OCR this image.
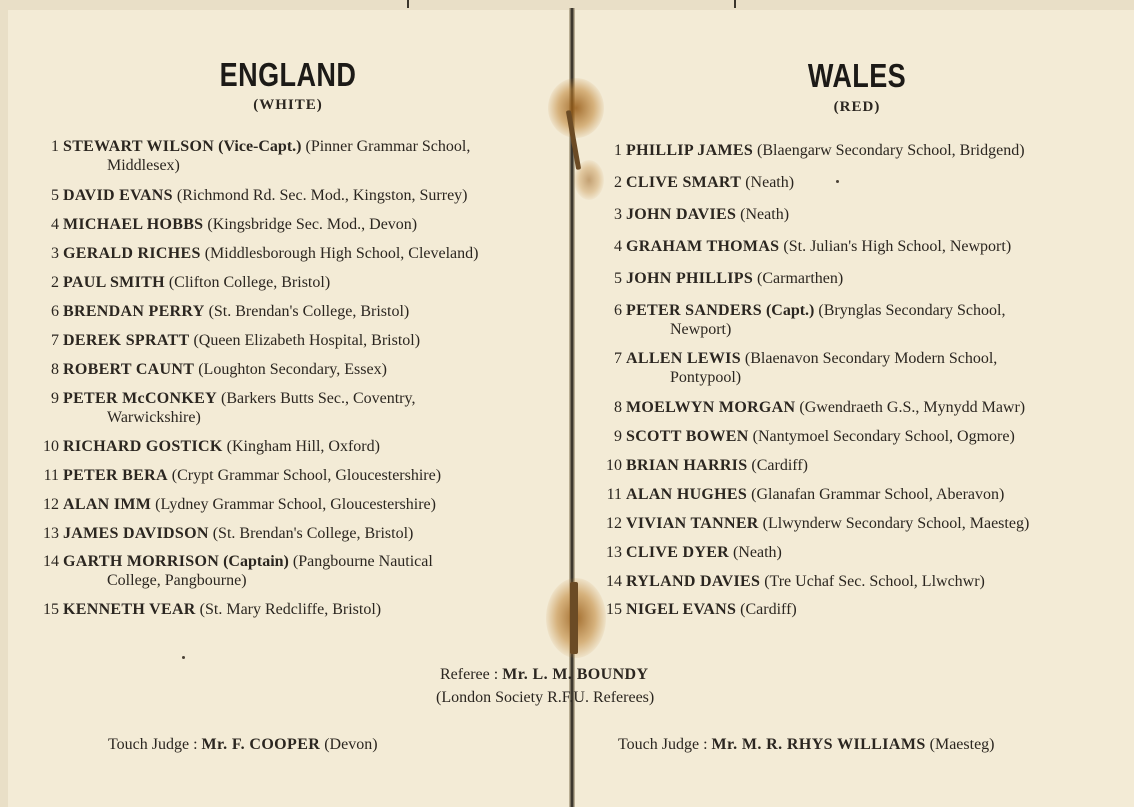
ENGLAND
(WHITE)
WALES
(RED)
1 STEWART WILSON (Vice-Capt.) (Pinner Grammar School,
Middlesex)
5 DAVID EVANS (Richmond Rd. Sec. Mod., Kingston, Surrey)
4 MICHAEL HOBBS (Kingsbridge Sec. Mod., Devon)
3 GERALD RICHES (Middlesborough High School, Cleveland)
2 PAUL SMITH (Clifton College, Bristol)
6 BRENDAN PERRY (St. Brendan's College, Bristol)
7 DEREK SPRATT (Queen Elizabeth Hospital, Bristol)
8 ROBERT CAUNT (Loughton Secondary, Essex)
9 PETER McCONKEY (Barkers Butts Sec., Coventry,
Warwickshire)
10 RICHARD GOSTICK (Kingham Hill, Oxford)
11 PETER BERA (Crypt Grammar School, Gloucestershire)
12 ALAN IMM (Lydney Grammar School, Gloucestershire)
13 JAMES DAVIDSON (St. Brendan's College, Bristol)
14 GARTH MORRISON (Captain) (Pangbourne Nautical
College, Pangbourne)
15 KENNETH VEAR (St. Mary Redcliffe, Bristol)
1 PHILLIP JAMES (Blaengarw Secondary School, Bridgend)
2 CLIVE SMART (Neath)
3 JOHN DAVIES (Neath)
4 GRAHAM THOMAS (St. Julian's High School, Newport)
5 JOHN PHILLIPS (Carmarthen)
6 PETER SANDERS (Capt.) (Brynglas Secondary School,
Newport)
7 ALLEN LEWIS (Blaenavon Secondary Modern School,
Pontypool)
8 MOELWYN MORGAN (Gwendraeth G.S., Mynydd Mawr)
9 SCOTT BOWEN (Nantymoel Secondary School, Ogmore)
10 BRIAN HARRIS (Cardiff)
11 ALAN HUGHES (Glanafan Grammar School, Aberavon)
12 VIVIAN TANNER (Llwynderw Secondary School, Maesteg)
13 CLIVE DYER (Neath)
14 RYLAND DAVIES (Tre Uchaf Sec. School, Llwchwr)
15 NIGEL EVANS (Cardiff)
Referee : Mr. L. M. BOUNDY
(London Society R.F.U. Referees)
Touch Judge : Mr. F. COOPER (Devon)	Touch Judge : Mr. M. R. RHYS WILLIAMS (Maesteg)
